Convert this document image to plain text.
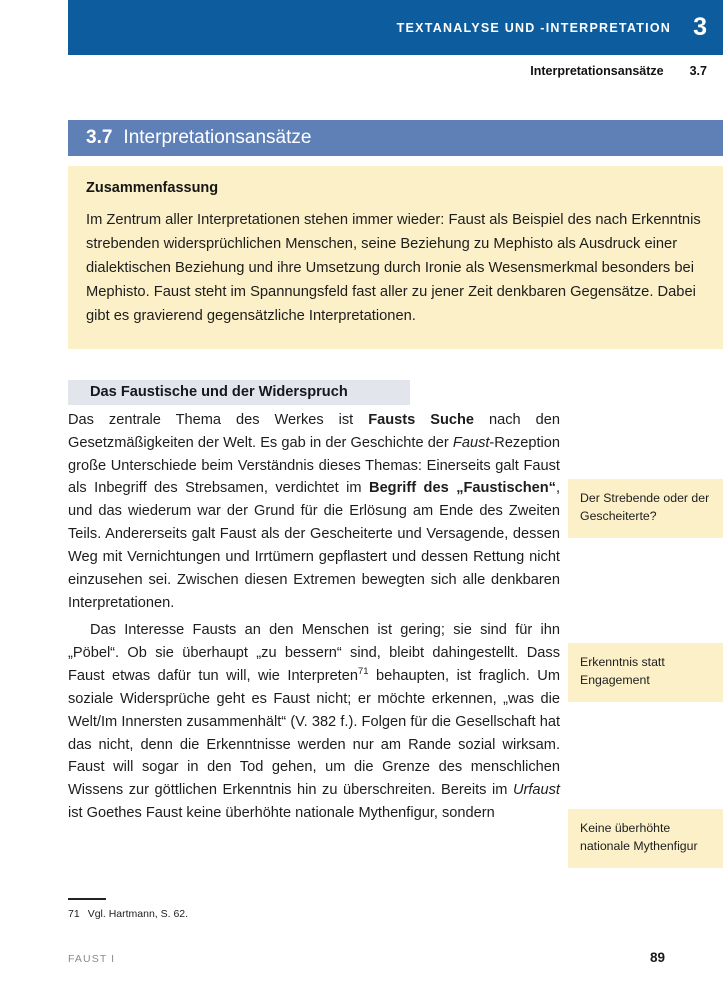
TEXTANALYSE UND -INTERPRETATION 3
Interpretationsansätze 3.7
3.7 Interpretationsansätze
Zusammenfassung
Im Zentrum aller Interpretationen stehen immer wieder: Faust als Beispiel des nach Erkenntnis strebenden widersprüchlichen Menschen, seine Beziehung zu Mephisto als Ausdruck einer dialektischen Beziehung und ihre Umsetzung durch Ironie als Wesensmerkmal besonders bei Mephisto. Faust steht im Spannungsfeld fast aller zu jener Zeit denkbaren Gegensätze. Dabei gibt es gravierend gegensätzliche Interpretationen.
Das Faustische und der Widerspruch

Das zentrale Thema des Werkes ist Fausts Suche nach den Gesetzmäßigkeiten der Welt. Es gab in der Geschichte der Faust-Rezeption große Unterschiede beim Verständnis dieses Themas: Einerseits galt Faust als Inbegriff des Strebsamen, verdichtet im Begriff des „Faustischen“, und das wiederum war der Grund für die Erlösung am Ende des Zweiten Teils. Andererseits galt Faust als der Gescheiterte und Versagende, dessen Weg mit Vernichtungen und Irrtümern gepflastert und dessen Rettung nicht einzusehen sei. Zwischen diesen Extremen bewegten sich alle denkbaren Interpretationen.

Das Interesse Fausts an den Menschen ist gering; sie sind für ihn „Pöbel“. Ob sie überhaupt „zu bessern“ sind, bleibt dahingestellt. Dass Faust etwas dafür tun will, wie Interpreten$^{71}$ behaupten, ist fraglich. Um soziale Widersprüche geht es Faust nicht; er möchte erkennen, „was die Welt/Im Innersten zusammenhält“ (V. 382 f.). Folgen für die Gesellschaft hat das nicht, denn die Erkenntnisse werden nur am Rande sozial wirksam. Faust will sogar in den Tod gehen, um die Grenze des menschlichen Wissens zur göttlichen Erkenntnis hin zu überschreiten. Bereits im Urfaust ist Goethes Faust keine überhöhte nationale Mythenfigur, sondern

Der Strebende oder der Gescheiterte?
Erkenntnis statt Engagement
Keine überhöhte nationale Mythenfigur
71 Vgl. Hartmann, S. 62.
FAUST I	89
